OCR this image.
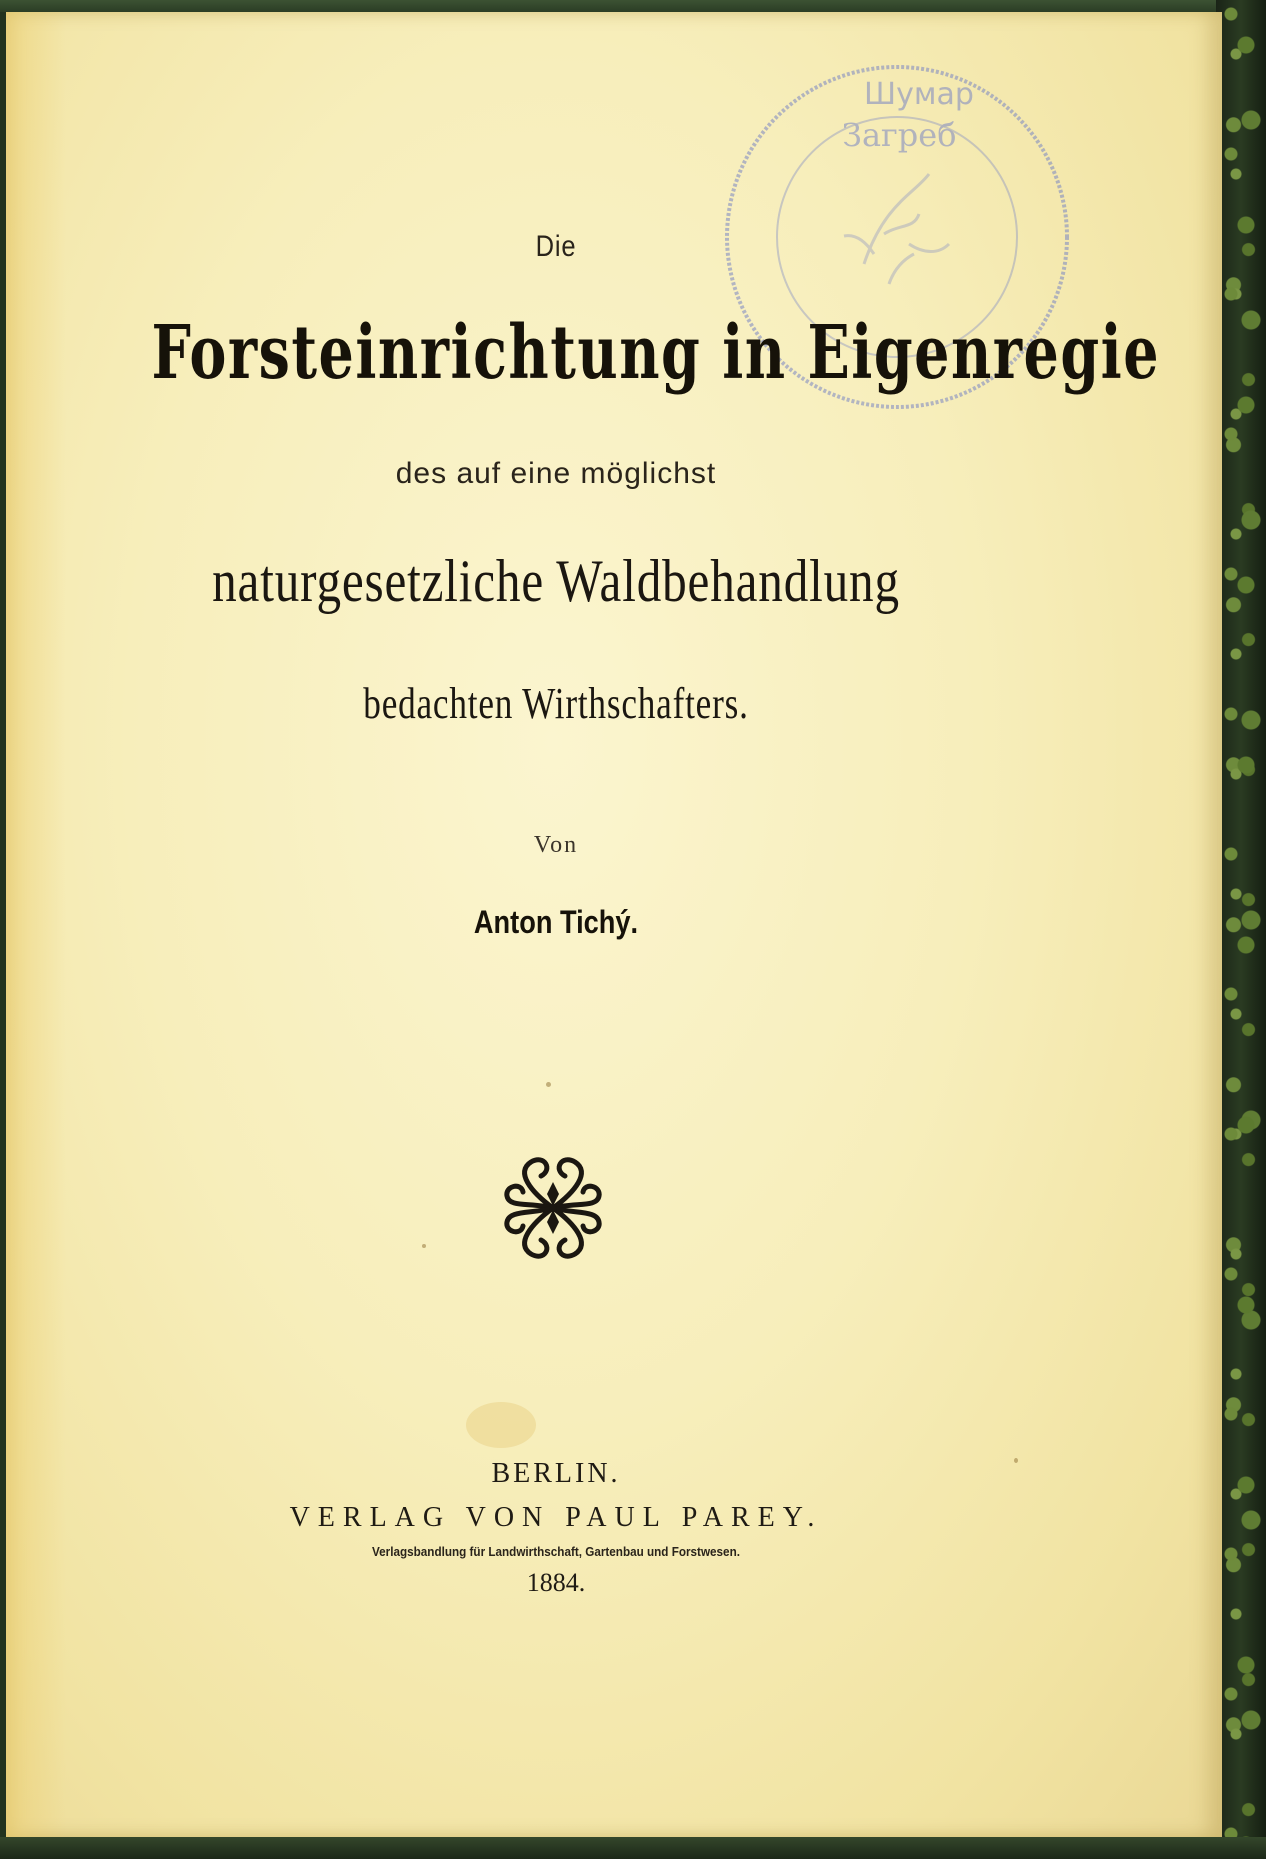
Шумар
Загреб
Die
Forsteinrichtung in Eigenregie
des auf eine möglichst
naturgesetzliche Waldbehandlung
bedachten Wirthschafters.
Von
Anton Tichý.
BERLIN.
VERLAG VON PAUL PAREY.
Verlagsbandlung für Landwirthschaft, Gartenbau und Forstwesen.
1884.
